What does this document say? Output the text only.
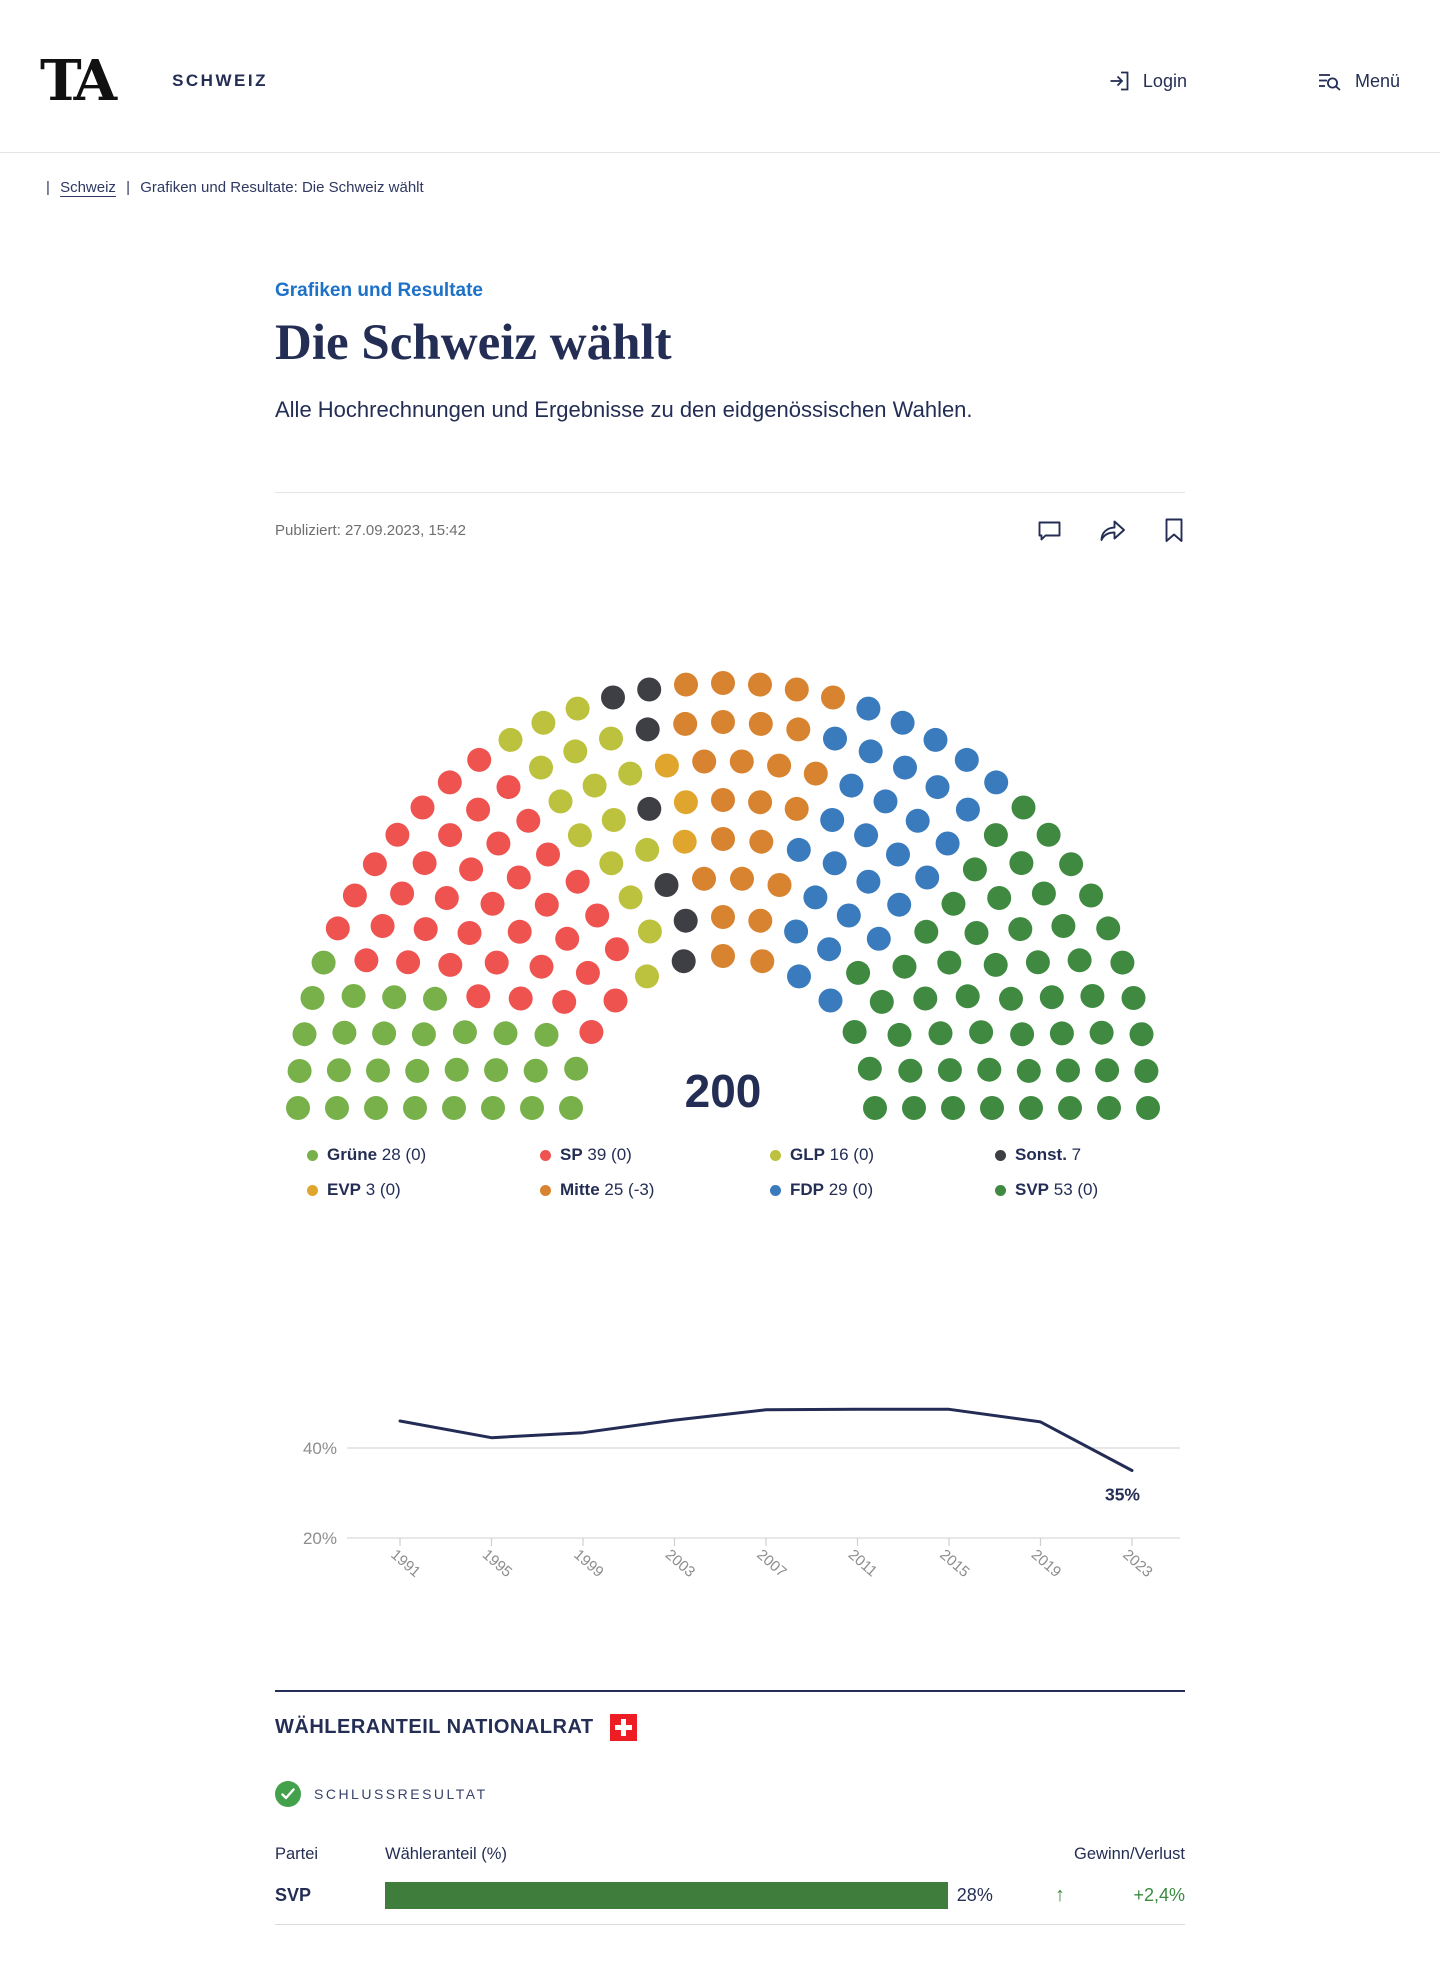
TA	SCHWEIZ	Login	Menü
| Schweiz | Grafiken und Resultate: Die Schweiz wählt
Grafiken und Resultate
Die Schweiz wählt

Alle Hochrechnungen und Ergebnisse zu den eidgenössischen Wahlen.

Publiziert: 27.09.2023, 15:42
200
Grüne 28 (0)	SP 39 (0)	GLP 16 (0)	Sonst. 7
EVP 3 (0)	Mitte 25 (-3)	FDP 29 (0)	SVP 53 (0)
40%
20%
1991	1995	1999	2003	2007	2011	2015	2019	2023
35%
WÄHLERANTEIL NATIONALRAT
SCHLUSSRESULTAT
Partei	Wähleranteil (%)	Gewinn/Verlust
SVP	28%	↑	+2,4%
